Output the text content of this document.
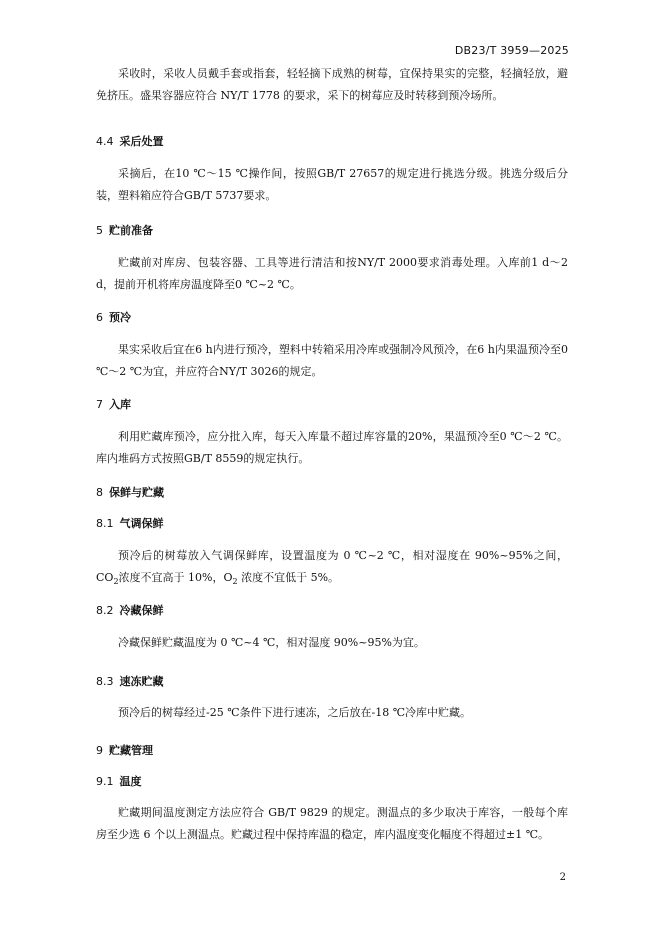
DB23/T 3959—2025
采收时，采收人员戴手套或指套，轻轻摘下成熟的树莓，宜保持果实的完整，轻摘轻放，避免挤压。盛果容器应符合 NY/T 1778 的要求，采下的树莓应及时转移到预冷场所。
4.4 采后处置
采摘后，在10 ℃～15 ℃操作间，按照GB/T 27657的规定进行挑选分级。挑选分级后分装，塑料箱应符合GB/T 5737要求。
5 贮前准备
贮藏前对库房、包装容器、工具等进行清洁和按NY/T 2000要求消毒处理。入库前1 d～2 d，提前开机将库房温度降至0 ℃~2 ℃。
6 预冷
果实采收后宜在6 h内进行预冷，塑料中转箱采用冷库或强制冷风预冷，在6 h内果温预冷至0 ℃～2 ℃为宜，并应符合NY/T 3026的规定。
7 入库
利用贮藏库预冷，应分批入库，每天入库量不超过库容量的20%，果温预冷至0 ℃～2 ℃。库内堆码方式按照GB/T 8559的规定执行。
8 保鲜与贮藏
8.1 气调保鲜
预冷后的树莓放入气调保鲜库，设置温度为 0 ℃~2 ℃，相对湿度在 90%~95%之间，$CO_2$浓度不宜高于 10%，$O_2$ 浓度不宜低于 5%。
8.2 冷藏保鲜
冷藏保鲜贮藏温度为 0 ℃~4 ℃，相对湿度 90%~95%为宜。
8.3 速冻贮藏
预冷后的树莓经过-25 ℃条件下进行速冻，之后放在-18 ℃冷库中贮藏。
9 贮藏管理
9.1 温度
贮藏期间温度测定方法应符合 GB/T 9829 的规定。测温点的多少取决于库容，一般每个库房至少选 6 个以上测温点。贮藏过程中保持库温的稳定，库内温度变化幅度不得超过±1 ℃。
2
